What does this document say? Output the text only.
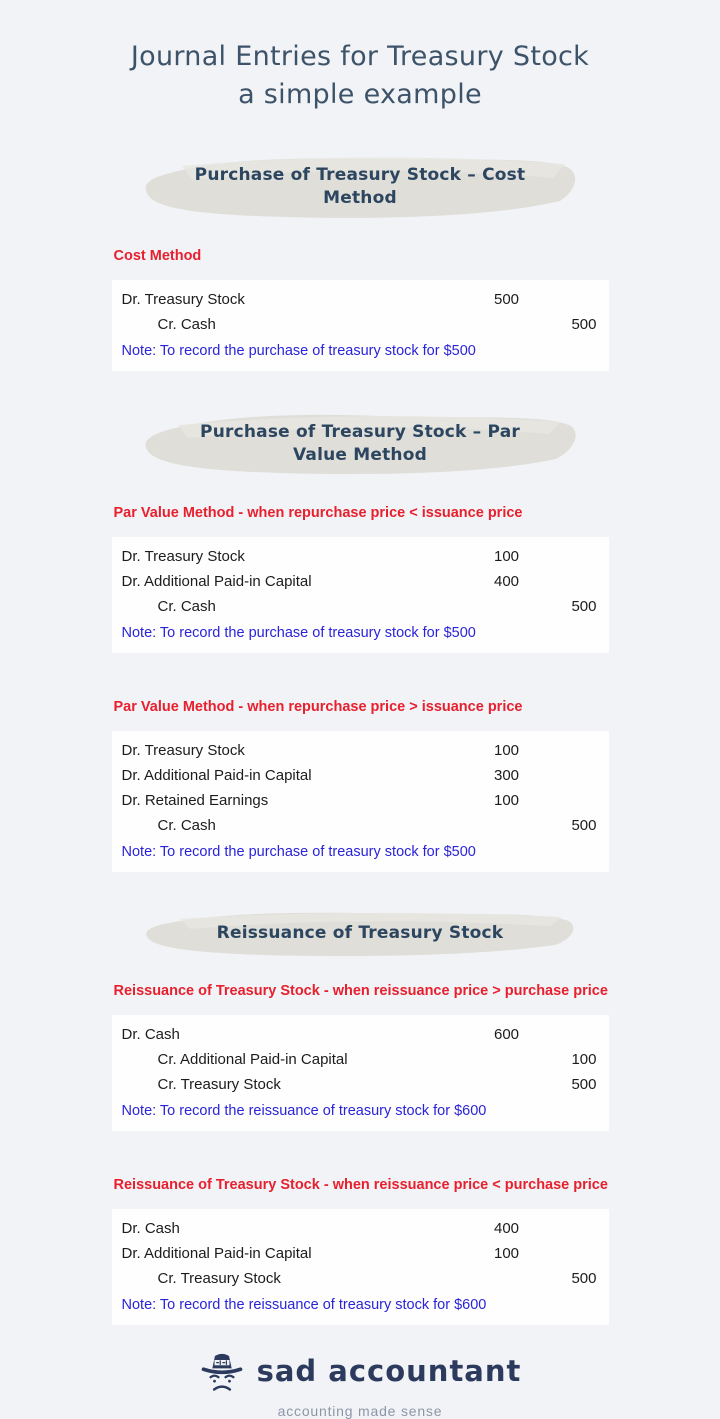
Journal Entries for Treasury Stock
a simple example
Purchase of Treasury Stock – Cost Method
Cost Method
Dr. Treasury Stock	500
Cr. Cash	500
Note: To record the purchase of treasury stock for $500
Purchase of Treasury Stock – Par Value Method
Par Value Method - when repurchase price < issuance price
Dr. Treasury Stock	100
Dr. Additional Paid-in Capital	400
Cr. Cash	500
Note: To record the purchase of treasury stock for $500
Par Value Method - when repurchase price > issuance price
Dr. Treasury Stock	100
Dr. Additional Paid-in Capital	300
Dr. Retained Earnings	100
Cr. Cash	500
Note: To record the purchase of treasury stock for $500
Reissuance of Treasury Stock
Reissuance of Treasury Stock - when reissuance price > purchase price
Dr. Cash	600
Cr. Additional Paid-in Capital	100
Cr. Treasury Stock	500
Note: To record the reissuance of treasury stock for $600
Reissuance of Treasury Stock - when reissuance price < purchase price
Dr. Cash	400
Dr. Additional Paid-in Capital	100
Cr. Treasury Stock	500
Note: To record the reissuance of treasury stock for $600
sad accountant
accounting made sense
